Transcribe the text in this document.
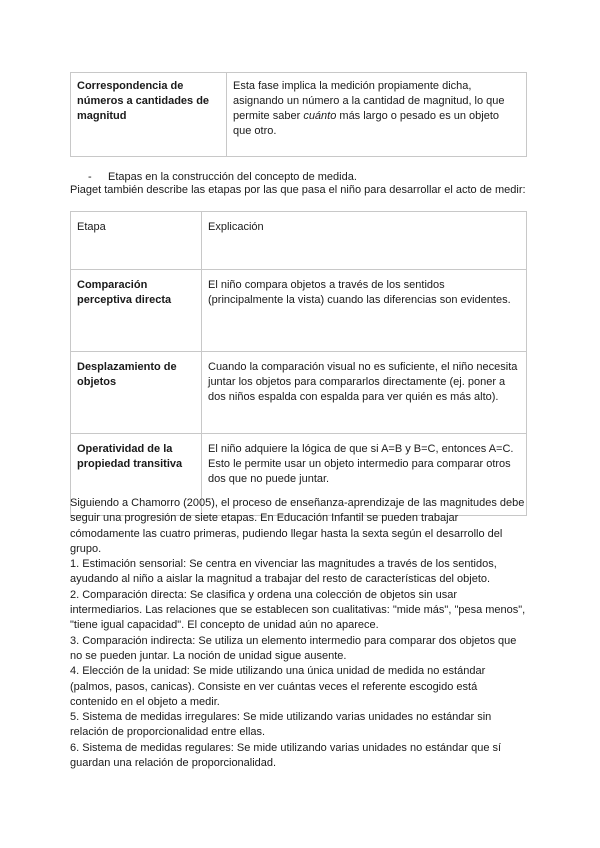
Correspondencia de números a cantidades de magnitud	Esta fase implica la medición propiamente dicha, asignando un número a la cantidad de magnitud, lo que permite saber cuánto más largo o pesado es un objeto que otro.
- Etapas en la construcción del concepto de medida.
Piaget también describe las etapas por las que pasa el niño para desarrollar el acto de medir:
Etapa	Explicación
Comparación perceptiva directa	El niño compara objetos a través de los sentidos (principalmente la vista) cuando las diferencias son evidentes.
Desplazamiento de objetos	Cuando la comparación visual no es suficiente, el niño necesita juntar los objetos para compararlos directamente (ej. poner a dos niños espalda con espalda para ver quién es más alto).
Operatividad de la propiedad transitiva	El niño adquiere la lógica de que si A=B y B=C, entonces A=C. Esto le permite usar un objeto intermedio para comparar otros dos que no puede juntar.

Siguiendo a Chamorro (2005), el proceso de enseñanza-aprendizaje de las magnitudes debe seguir una progresión de siete etapas. En Educación Infantil se pueden trabajar cómodamente las cuatro primeras, pudiendo llegar hasta la sexta según el desarrollo del grupo.

1. Estimación sensorial: Se centra en vivenciar las magnitudes a través de los sentidos, ayudando al niño a aislar la magnitud a trabajar del resto de características del objeto.

2. Comparación directa: Se clasifica y ordena una colección de objetos sin usar intermediarios. Las relaciones que se establecen son cualitativas: "mide más", "pesa menos", "tiene igual capacidad". El concepto de unidad aún no aparece.

3. Comparación indirecta: Se utiliza un elemento intermedio para comparar dos objetos que no se pueden juntar. La noción de unidad sigue ausente.

4. Elección de la unidad: Se mide utilizando una única unidad de medida no estándar (palmos, pasos, canicas). Consiste en ver cuántas veces el referente escogido está contenido en el objeto a medir.

5. Sistema de medidas irregulares: Se mide utilizando varias unidades no estándar sin relación de proporcionalidad entre ellas.

6. Sistema de medidas regulares: Se mide utilizando varias unidades no estándar que sí guardan una relación de proporcionalidad.
